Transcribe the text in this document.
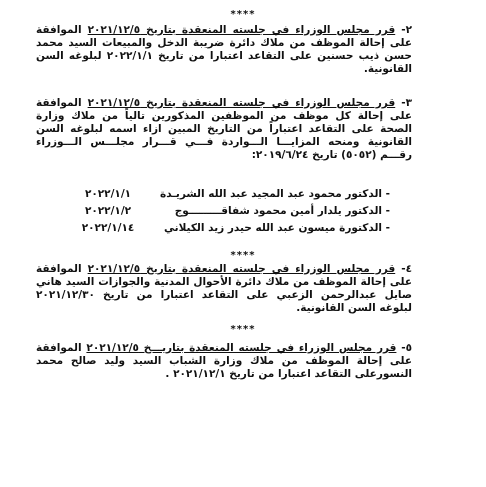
****
٢- قرر مجلس الوزراء في جلسته المنعقدة بتاريخ ٢٠٢١/١٢/٥ الموافقة على إحالة الموظف من ملاك دائرة ضريبة الدخل والمبيعات السيد محمد حسن ذيب حسنين على التقاعد اعتبارا من تاريخ ٢٠٢٢/١/١ لبلوغه السن القانونية.
٣- قرر مجلس الوزراء في جلسته المنعقدة بتاريخ ٢٠٢١/١٢/٥ الموافقة على إحالة كل موظف من الموظفين المذكورين تالياً من ملاك وزارة الصحة على التقاعد اعتباراً من التاريخ المبين ازاء اسمه لبلوغه السن القانونية ومنحه المزايـــا الـــواردة فـــي قـــرار مجلـــس الـــوزراء رقـــم (٥٠٥٢) تاريخ ٢٠١٩/٦/٢٤:
- الدكتور محمود عبد المجيد عبد الله الشريـدة
٢٠٢٢/١/١
- الدكتور يلدار أمين محمود شفاقـــــــــوج
٢٠٢٢/١/٢
- الدكتورة ميسون عبد الله حيدر زيد الكيلاني
٢٠٢٢/١/١٤
****
٤- قرر مجلس الوزراء في جلسته المنعقدة بتاريخ ٢٠٢١/١٢/٥ الموافقة على إحالة الموظف من ملاك دائرة الأحوال المدنية والجوازات السيد هاني صايل عبدالرحمن الزعبي على التقاعد اعتبارا من تاريخ ٢٠٢١/١٢/٣٠ لبلوغه السن القانونية.
****
٥- قرر مجلس الوزراء في جلسته المنعقدة بتاريـــخ ٢٠٢١/١٢/٥ الموافقة على إحالة الموظف من ملاك وزارة الشباب السيد وليد صالح محمد النسورعلى التقاعد اعتبارا من تاريخ ٢٠٢١/١٢/١ .
